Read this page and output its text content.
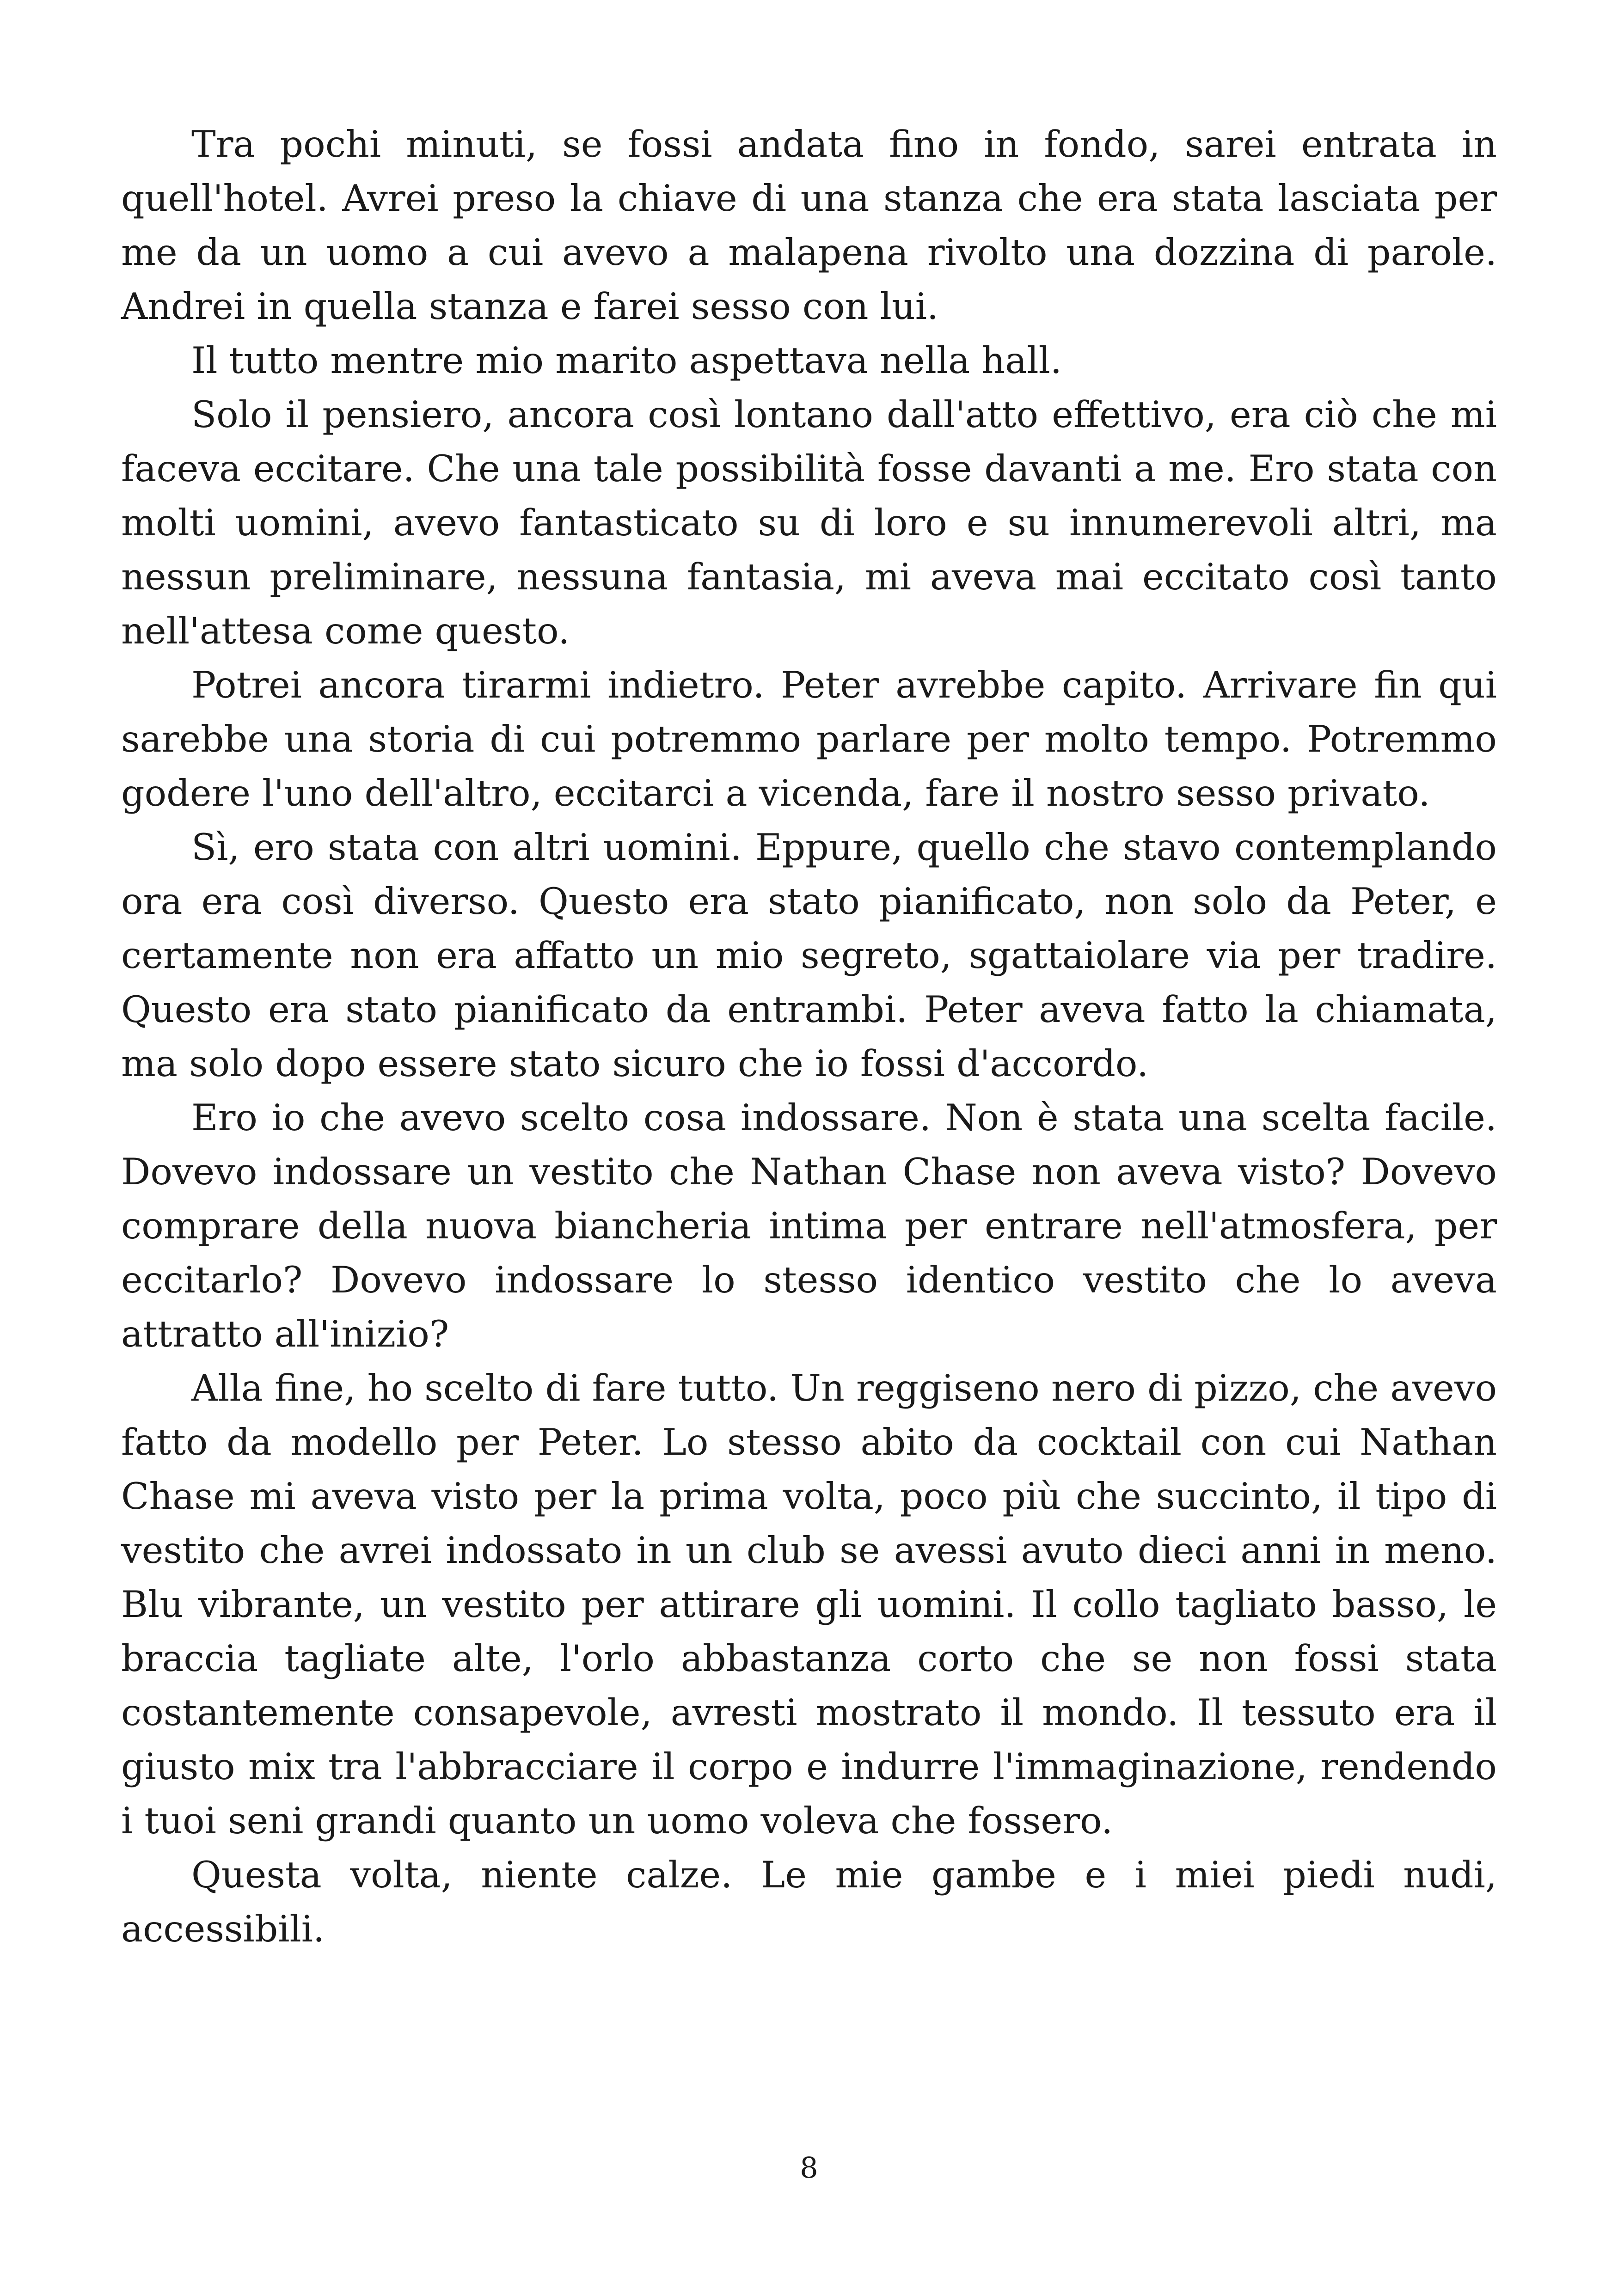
Tra pochi minuti, se fossi andata fino in fondo, sarei entrata in quell'hotel. Avrei preso la chiave di una stanza che era stata lasciata per me da un uomo a cui avevo a malapena rivolto una dozzina di parole. Andrei in quella stanza e farei sesso con lui.

Il tutto mentre mio marito aspettava nella hall.

Solo il pensiero, ancora così lontano dall'atto effettivo, era ciò che mi faceva eccitare. Che una tale possibilità fosse davanti a me. Ero stata con molti uomini, avevo fantasticato su di loro e su innumerevoli altri, ma nessun preliminare, nessuna fantasia, mi aveva mai eccitato così tanto nell'attesa come questo.

Potrei ancora tirarmi indietro. Peter avrebbe capito. Arrivare fin qui sarebbe una storia di cui potremmo parlare per molto tempo. Potremmo godere l'uno dell'altro, eccitarci a vicenda, fare il nostro sesso privato.

Sì, ero stata con altri uomini. Eppure, quello che stavo contemplando ora era così diverso. Questo era stato pianificato, non solo da Peter, e certamente non era affatto un mio segreto, sgattaiolare via per tradire. Questo era stato pianificato da entrambi. Peter aveva fatto la chiamata, ma solo dopo essere stato sicuro che io fossi d'accordo.

Ero io che avevo scelto cosa indossare. Non è stata una scelta facile. Dovevo indossare un vestito che Nathan Chase non aveva visto? Dovevo comprare della nuova biancheria intima per entrare nell'atmosfera, per eccitarlo? Dovevo indossare lo stesso identico vestito che lo aveva attratto all'inizio?

Alla fine, ho scelto di fare tutto. Un reggiseno nero di pizzo, che avevo fatto da modello per Peter. Lo stesso abito da cocktail con cui Nathan Chase mi aveva visto per la prima volta, poco più che succinto, il tipo di vestito che avrei indossato in un club se avessi avuto dieci anni in meno. Blu vibrante, un vestito per attirare gli uomini. Il collo tagliato basso, le braccia tagliate alte, l'orlo abbastanza corto che se non fossi stata costantemente consapevole, avresti mostrato il mondo. Il tessuto era il giusto mix tra l'abbracciare il corpo e indurre l'immaginazione, rendendo i tuoi seni grandi quanto un uomo voleva che fossero.

Questa volta, niente calze. Le mie gambe e i miei piedi nudi, accessibili.

8
